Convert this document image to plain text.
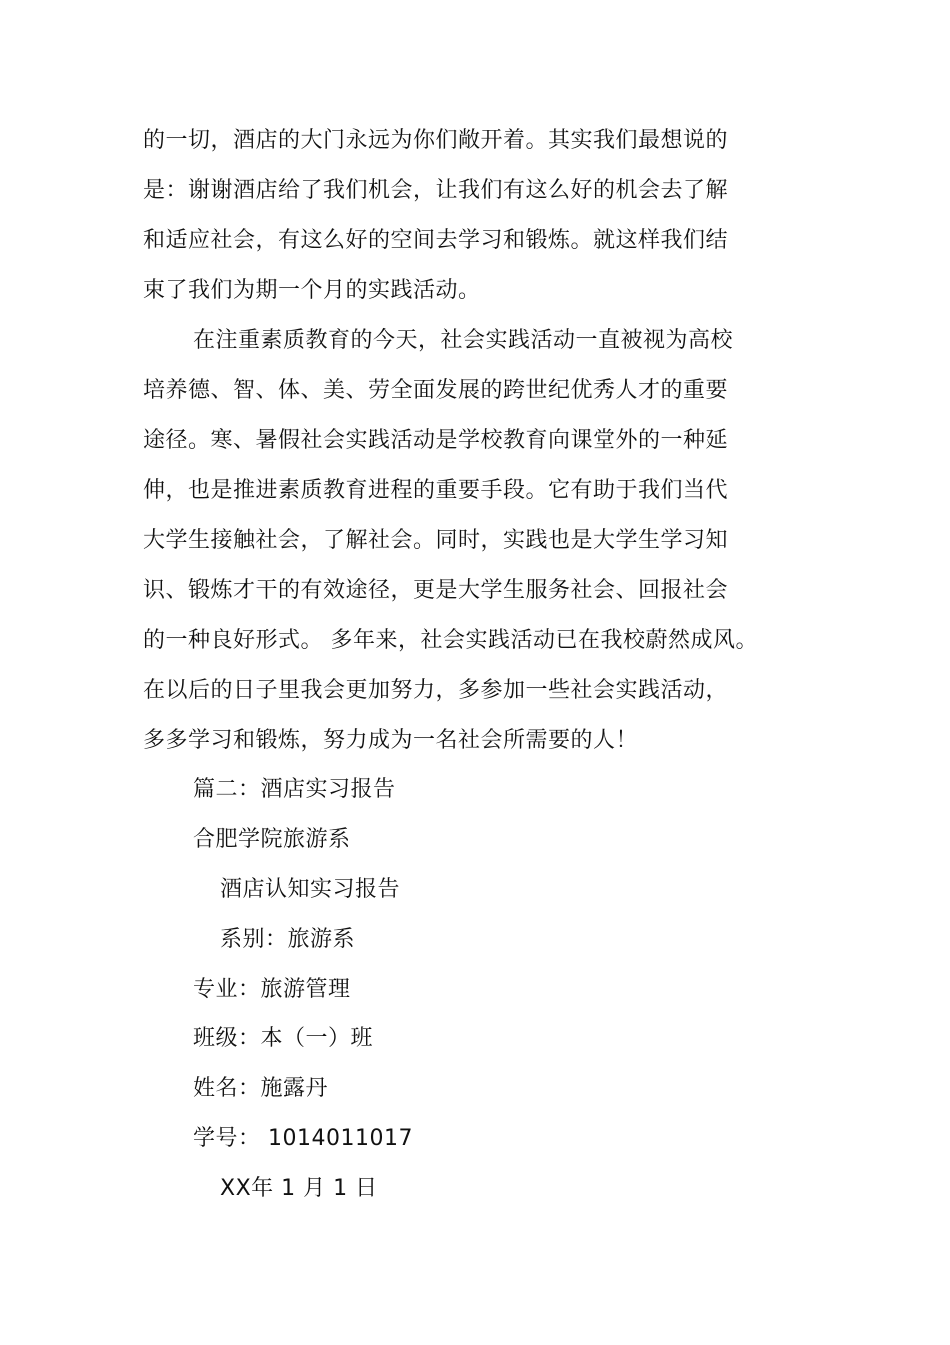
的一切，酒店的大门永远为你们敞开着。其实我们最想说的
是：谢谢酒店给了我们机会，让我们有这么好的机会去了解
和适应社会，有这么好的空间去学习和锻炼。就这样我们结
束了我们为期一个月的实践活动。
在注重素质教育的今天，社会实践活动一直被视为高校
培养德、智、体、美、劳全面发展的跨世纪优秀人才的重要
途径。寒、暑假社会实践活动是学校教育向课堂外的一种延
伸，也是推进素质教育进程的重要手段。它有助于我们当代
大学生接触社会，了解社会。同时，实践也是大学生学习知
识、锻炼才干的有效途径，更是大学生服务社会、回报社会
的一种良好形式。 多年来，社会实践活动已在我校蔚然成风。
在以后的日子里我会更加努力，多参加一些社会实践活动，
多多学习和锻炼，努力成为一名社会所需要的人！
篇二：酒店实习报告
合肥学院旅游系
酒店认知实习报告
系别：旅游系
专业：旅游管理
班级：本（一）班
姓名：施露丹
学号： 1014011017
XX年 1 月 1 日
